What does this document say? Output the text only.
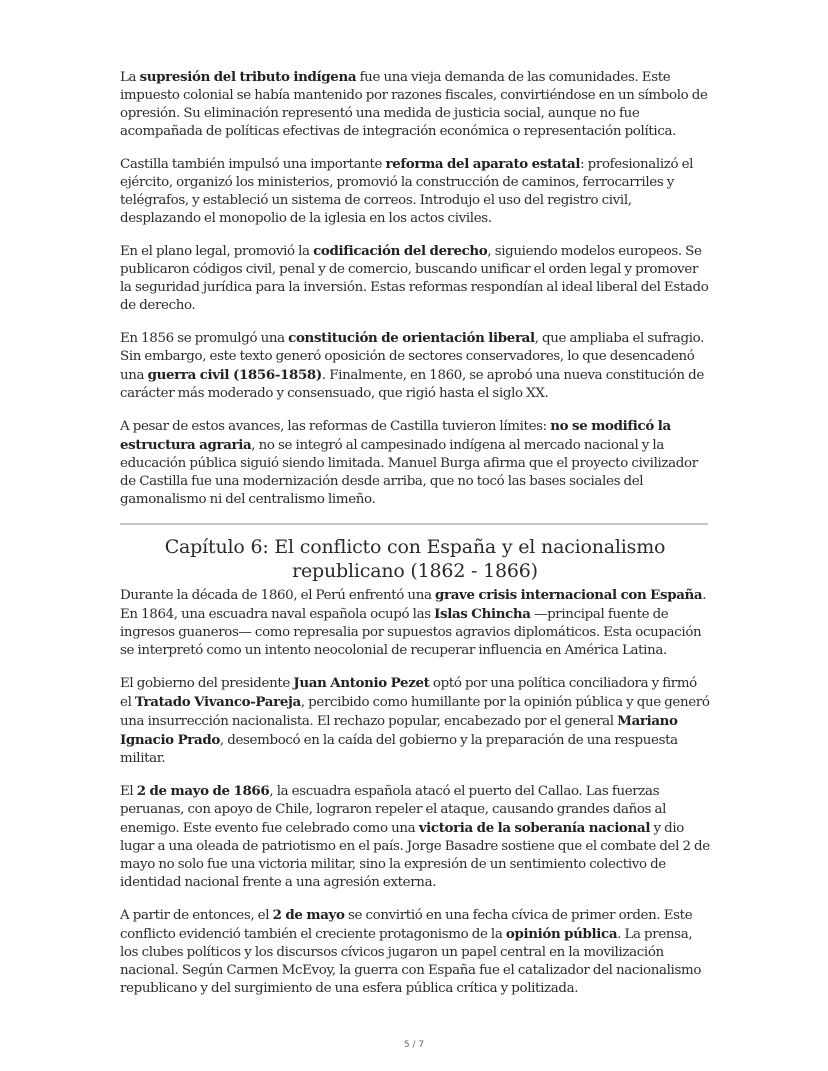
La supresión del tributo indígena fue una vieja demanda de las comunidades. Este impuesto colonial se había mantenido por razones fiscales, convirtiéndose en un símbolo de opresión. Su eliminación representó una medida de justicia social, aunque no fue acompañada de políticas efectivas de integración económica o representación política.

Castilla también impulsó una importante reforma del aparato estatal: profesionalizó el ejército, organizó los ministerios, promovió la construcción de caminos, ferrocarriles y telégrafos, y estableció un sistema de correos. Introdujo el uso del registro civil, desplazando el monopolio de la iglesia en los actos civiles.

En el plano legal, promovió la codificación del derecho, siguiendo modelos europeos. Se publicaron códigos civil, penal y de comercio, buscando unificar el orden legal y promover la seguridad jurídica para la inversión. Estas reformas respondían al ideal liberal del Estado de derecho.

En 1856 se promulgó una constitución de orientación liberal, que ampliaba el sufragio. Sin embargo, este texto generó oposición de sectores conservadores, lo que desencadenó una guerra civil (1856-1858). Finalmente, en 1860, se aprobó una nueva constitución de carácter más moderado y consensuado, que rigió hasta el siglo XX.

A pesar de estos avances, las reformas de Castilla tuvieron límites: no se modificó la estructura agraria, no se integró al campesinado indígena al mercado nacional y la educación pública siguió siendo limitada. Manuel Burga afirma que el proyecto civilizador de Castilla fue una modernización desde arriba, que no tocó las bases sociales del gamonalismo ni del centralismo limeño.

Capítulo 6: El conflicto con España y el nacionalismo
republicano (1862 - 1866)

Durante la década de 1860, el Perú enfrentó una grave crisis internacional con España. En 1864, una escuadra naval española ocupó las Islas Chincha —principal fuente de ingresos guaneros— como represalia por supuestos agravios diplomáticos. Esta ocupación se interpretó como un intento neocolonial de recuperar influencia en América Latina.

El gobierno del presidente Juan Antonio Pezet optó por una política conciliadora y firmó el Tratado Vivanco-Pareja, percibido como humillante por la opinión pública y que generó una insurrección nacionalista. El rechazo popular, encabezado por el general Mariano Ignacio Prado, desembocó en la caída del gobierno y la preparación de una respuesta militar.

El 2 de mayo de 1866, la escuadra española atacó el puerto del Callao. Las fuerzas peruanas, con apoyo de Chile, lograron repeler el ataque, causando grandes daños al enemigo. Este evento fue celebrado como una victoria de la soberanía nacional y dio lugar a una oleada de patriotismo en el país. Jorge Basadre sostiene que el combate del 2 de mayo no solo fue una victoria militar, sino la expresión de un sentimiento colectivo de identidad nacional frente a una agresión externa.

A partir de entonces, el 2 de mayo se convirtió en una fecha cívica de primer orden. Este conflicto evidenció también el creciente protagonismo de la opinión pública. La prensa, los clubes políticos y los discursos cívicos jugaron un papel central en la movilización nacional. Según Carmen McEvoy, la guerra con España fue el catalizador del nacionalismo republicano y del surgimiento de una esfera pública crítica y politizada.

5 / 7
